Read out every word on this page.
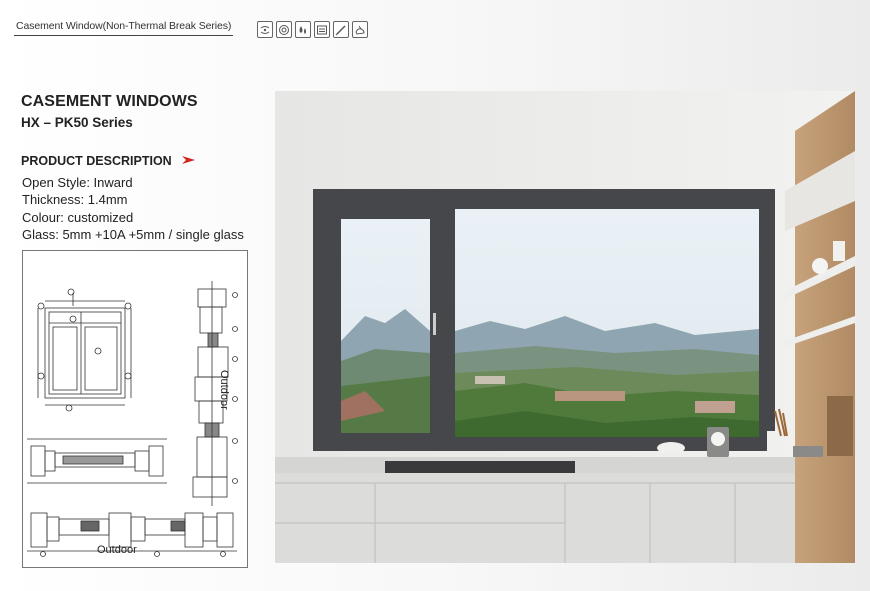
Casement Window(Non-Thermal Break Series)
CASEMENT WINDOWS
HX – PK50 Series
PRODUCT DESCRIPTION
Open Style: Inward
Thickness: 1.4mm
Colour: customized
Glass: 5mm +10A +5mm / single glass
Outdoor
Outdoor
